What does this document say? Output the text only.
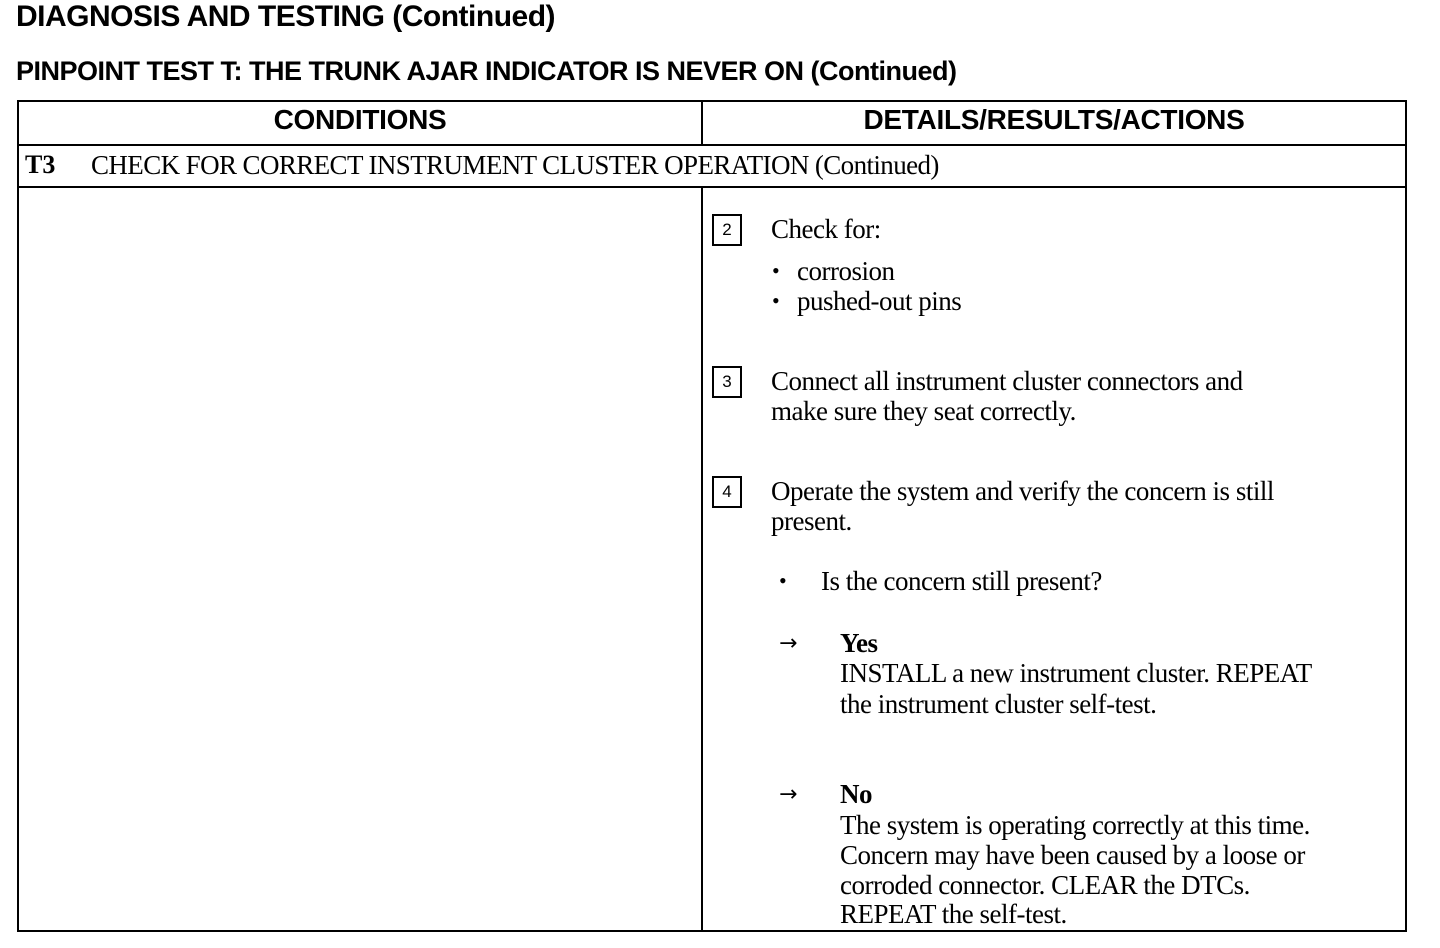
DIAGNOSIS AND TESTING (Continued)
PINPOINT TEST T: THE TRUNK AJAR INDICATOR IS NEVER ON (Continued)
CONDITIONS	DETAILS/RESULTS/ACTIONS
T3 CHECK FOR CORRECT INSTRUMENT CLUSTER OPERATION (Continued)
2	Check for:
• corrosion
• pushed-out pins
3	Connect all instrument cluster connectors and
make sure they seat correctly.
4	Operate the system and verify the concern is still
present.
• Is the concern still present?
→ Yes
INSTALL a new instrument cluster. REPEAT
the instrument cluster self-test.
→ No
The system is operating correctly at this time.
Concern may have been caused by a loose or
corroded connector. CLEAR the DTCs.
REPEAT the self-test.
